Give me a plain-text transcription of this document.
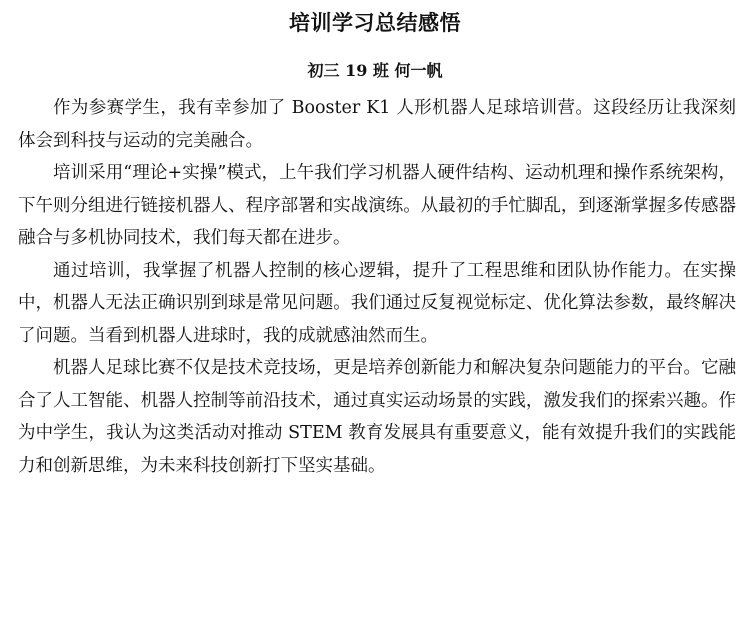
培训学习总结感悟
初三 19 班 何一帆

作为参赛学生，我有幸参加了 Booster K1 人形机器人足球培训营。这段经历让我深刻体会到科技与运动的完美融合。

培训采用“理论+实操”模式，上午我们学习机器人硬件结构、运动机理和操作系统架构，下午则分组进行链接机器人、程序部署和实战演练。从最初的手忙脚乱，到逐渐掌握多传感器融合与多机协同技术，我们每天都在进步。

通过培训，我掌握了机器人控制的核心逻辑，提升了工程思维和团队协作能力。在实操中，机器人无法正确识别到球是常见问题。我们通过反复视觉标定、优化算法参数，最终解决了问题。当看到机器人进球时，我的成就感油然而生。

机器人足球比赛不仅是技术竞技场，更是培养创新能力和解决复杂问题能力的平台。它融合了人工智能、机器人控制等前沿技术，通过真实运动场景的实践，激发我们的探索兴趣。作为中学生，我认为这类活动对推动 STEM 教育发展具有重要意义，能有效提升我们的实践能力和创新思维，为未来科技创新打下坚实基础。
